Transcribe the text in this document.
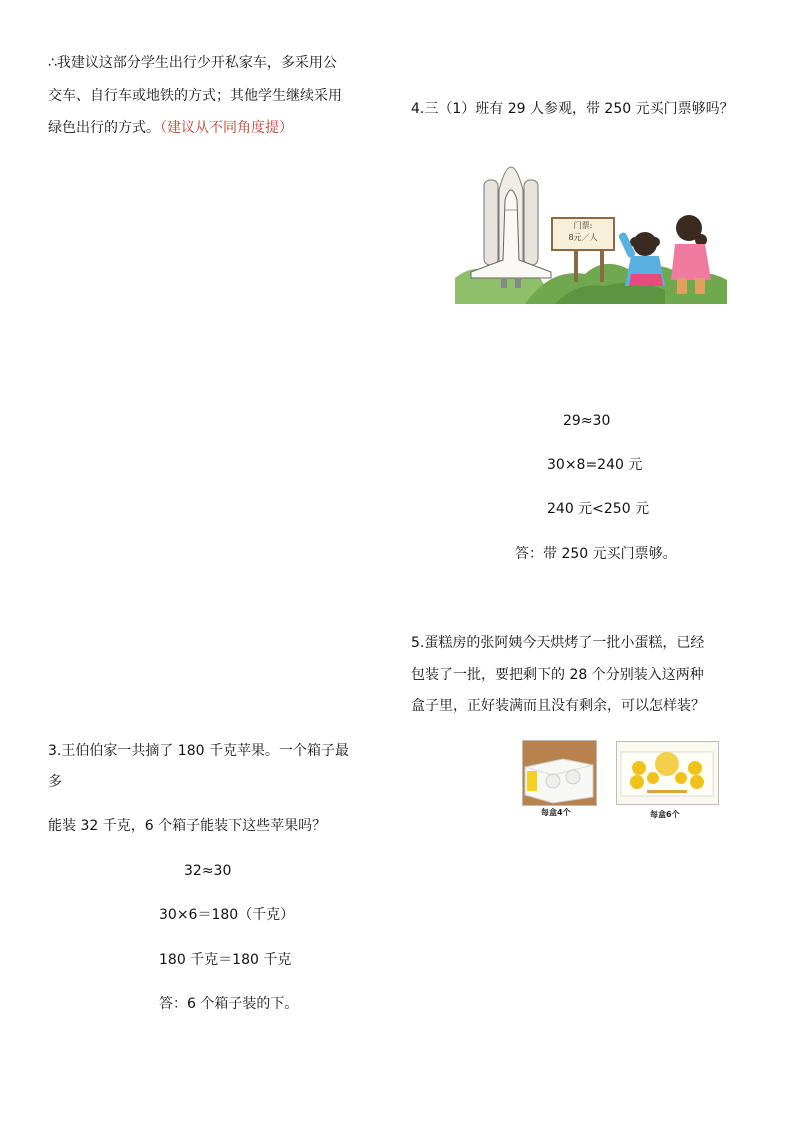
∴我建议这部分学生出行少开私家车，多采用公
交车、自行车或地铁的方式；其他学生继续采用
绿色出行的方式。（建议从不同角度提）
4.三（1）班有 29 人参观，带 250 元买门票够吗？
门票:
8元／人
29≈30
30×8=240 元
240 元<250 元
答：带 250 元买门票够。
5.蛋糕房的张阿姨今天烘烤了一批小蛋糕，已经
包装了一批，要把剩下的 28 个分别装入这两种
盒子里，正好装满而且没有剩余，可以怎样装？
每盒4个	每盒6个
3.王伯伯家一共摘了 180 千克苹果。一个箱子最
多
能装 32 千克，6 个箱子能装下这些苹果吗？
32≈30
30×6＝180（千克）
180 千克＝180 千克
答：6 个箱子装的下。
